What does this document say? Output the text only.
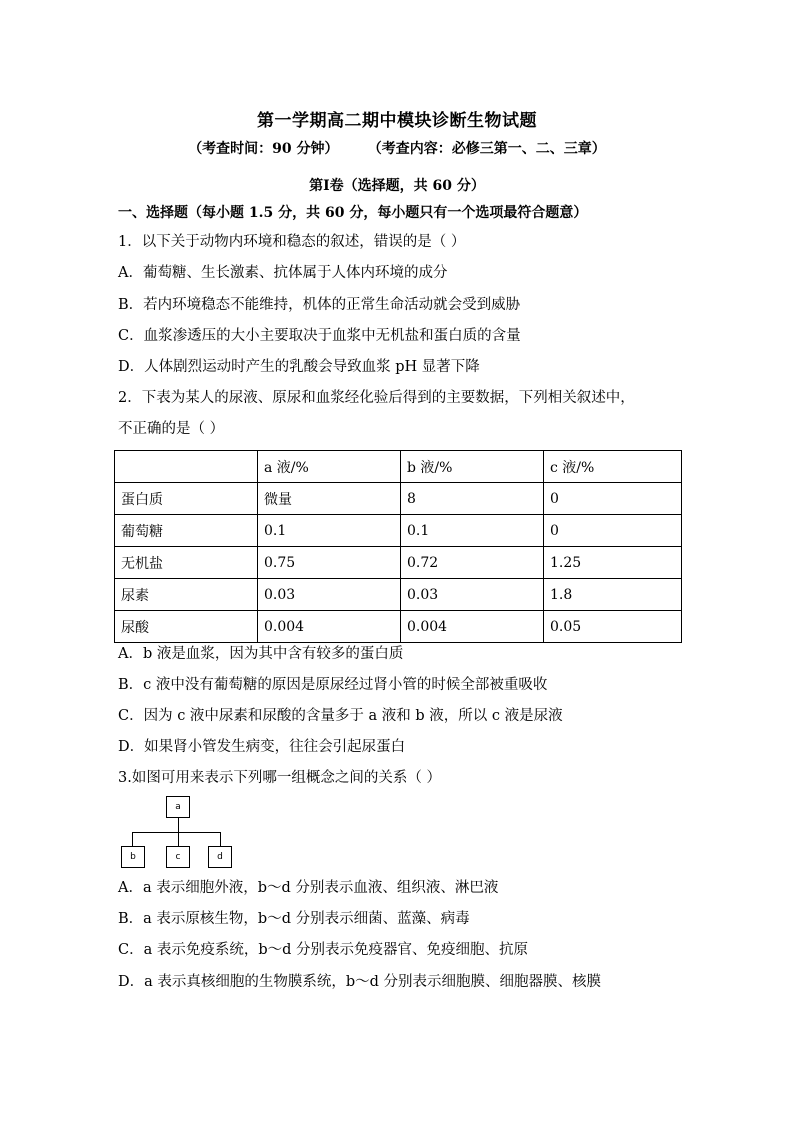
第一学期高二期中模块诊断生物试题
（考查时间：90 分钟）      （考查内容：必修三第一、二、三章）
第Ⅰ卷（选择题，共 60 分）
一、选择题（每小题 1.5 分，共 60 分，每小题只有一个选项最符合题意）
1．以下关于动物内环境和稳态的叙述，错误的是（ ）
A．葡萄糖、生长激素、抗体属于人体内环境的成分
B．若内环境稳态不能维持，机体的正常生命活动就会受到威胁
C．血浆渗透压的大小主要取决于血浆中无机盐和蛋白质的含量
D．人体剧烈运动时产生的乳酸会导致血浆 pH 显著下降
2．下表为某人的尿液、原尿和血浆经化验后得到的主要数据，下列相关叙述中，
不正确的是（ ）
	a 液/%	b 液/%	c 液/%
蛋白质	微量	8	0
葡萄糖	0.1	0.1	0
无机盐	0.75	0.72	1.25
尿素	0.03	0.03	1.8
尿酸	0.004	0.004	0.05
A．b 液是血浆，因为其中含有较多的蛋白质
B．c 液中没有葡萄糖的原因是原尿经过肾小管的时候全部被重吸收
C．因为 c 液中尿素和尿酸的含量多于 a 液和 b 液，所以 c 液是尿液
D．如果肾小管发生病变，往往会引起尿蛋白
3.如图可用来表示下列哪一组概念之间的关系（ ）
a
b	c	d
A．a 表示细胞外液，b～d 分别表示血液、组织液、淋巴液
B．a 表示原核生物，b～d 分别表示细菌、蓝藻、病毒
C．a 表示免疫系统，b～d 分别表示免疫器官、免疫细胞、抗原
D．a 表示真核细胞的生物膜系统，b～d 分别表示细胞膜、细胞器膜、核膜
